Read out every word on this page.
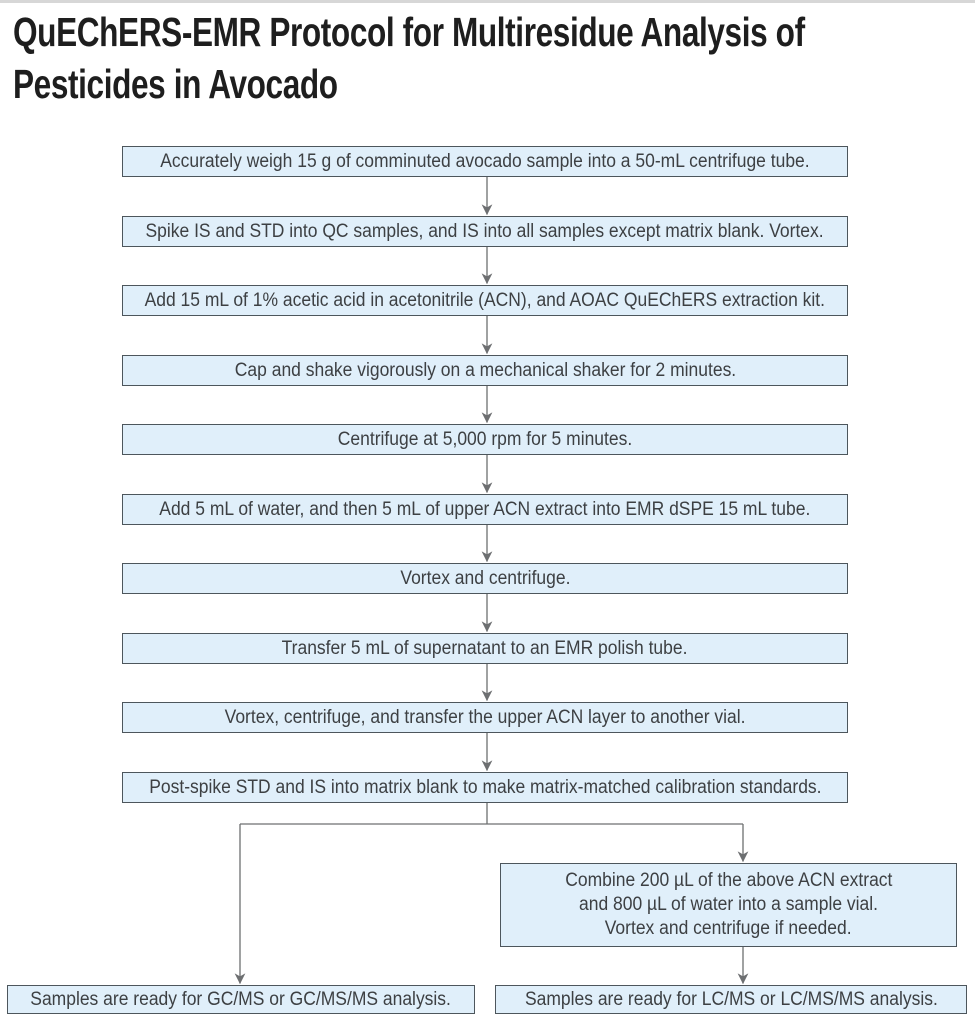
QuEChERS-EMR Protocol for Multiresidue Analysis of
Pesticides in Avocado
Accurately weigh 15 g of comminuted avocado sample into a 50-mL centrifuge tube.
Spike IS and STD into QC samples, and IS into all samples except matrix blank. Vortex.
Add 15 mL of 1% acetic acid in acetonitrile (ACN), and AOAC QuEChERS extraction kit.
Cap and shake vigorously on a mechanical shaker for 2 minutes.
Centrifuge at 5,000 rpm for 5 minutes.
Add 5 mL of water, and then 5 mL of upper ACN extract into EMR dSPE 15 mL tube.
Vortex and centrifuge.
Transfer 5 mL of supernatant to an EMR polish tube.
Vortex, centrifuge, and transfer the upper ACN layer to another vial.
Post-spike STD and IS into matrix blank to make matrix-matched calibration standards.
Combine 200 µL of the above ACN extract
and 800 µL of water into a sample vial.
Vortex and centrifuge if needed.
Samples are ready for GC/MS or GC/MS/MS analysis.	Samples are ready for LC/MS or LC/MS/MS analysis.
